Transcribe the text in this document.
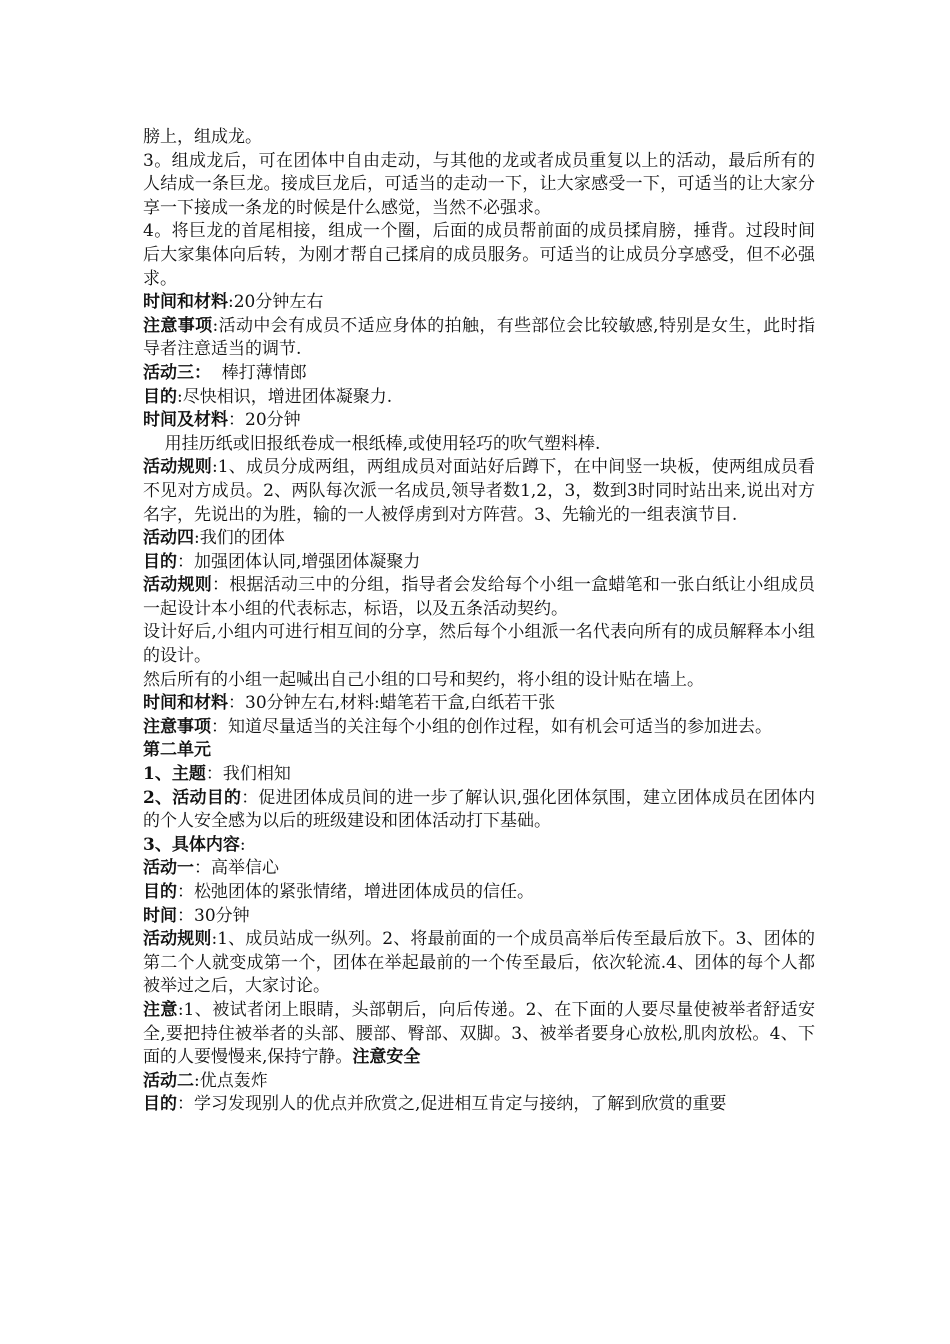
膀上，组成龙。

3。组成龙后，可在团体中自由走动，与其他的龙或者成员重复以上的活动，最后所有的人结成一条巨龙。接成巨龙后，可适当的走动一下，让大家感受一下，可适当的让大家分享一下接成一条龙的时候是什么感觉，当然不必强求。

4。将巨龙的首尾相接，组成一个圈，后面的成员帮前面的成员揉肩膀，捶背。过段时间后大家集体向后转，为刚才帮自己揉肩的成员服务。可适当的让成员分享感受，但不必强求。

时间和材料:20分钟左右

注意事项:活动中会有成员不适应身体的拍触，有些部位会比较敏感,特别是女生，此时指导者注意适当的调节.

活动三：  棒打薄情郎

目的:尽快相识，增进团体凝聚力.

时间及材料：20分钟

用挂历纸或旧报纸卷成一根纸棒,或使用轻巧的吹气塑料棒.

活动规则:1、成员分成两组，两组成员对面站好后蹲下，在中间竖一块板，使两组成员看不见对方成员。2、两队每次派一名成员,领导者数1,2，3，数到3时同时站出来,说出对方名字，先说出的为胜，输的一人被俘虏到对方阵营。3、先输光的一组表演节目.

活动四:我们的团体

目的：加强团体认同,增强团体凝聚力

活动规则：根据活动三中的分组，指导者会发给每个小组一盒蜡笔和一张白纸让小组成员一起设计本小组的代表标志，标语，以及五条活动契约。

设计好后,小组内可进行相互间的分享，然后每个小组派一名代表向所有的成员解释本小组的设计。

然后所有的小组一起喊出自己小组的口号和契约，将小组的设计贴在墙上。

时间和材料：30分钟左右,材料:蜡笔若干盒,白纸若干张

注意事项：知道尽量适当的关注每个小组的创作过程，如有机会可适当的参加进去。

第二单元

1、主题：我们相知

2、活动目的：促进团体成员间的进一步了解认识,强化团体氛围，建立团体成员在团体内的个人安全感为以后的班级建设和团体活动打下基础。

3、具体内容:

活动一：高举信心

目的：松弛团体的紧张情绪，增进团体成员的信任。

时间：30分钟

活动规则:1、成员站成一纵列。2、将最前面的一个成员高举后传至最后放下。3、团体的第二个人就变成第一个，团体在举起最前的一个传至最后，依次轮流.4、团体的每个人都被举过之后，大家讨论。

注意:1、被试者闭上眼睛，头部朝后，向后传递。2、在下面的人要尽量使被举者舒适安全,要把持住被举者的头部、腰部、臀部、双脚。3、被举者要身心放松,肌肉放松。4、下面的人要慢慢来,保持宁静。注意安全

活动二:优点轰炸

目的：学习发现别人的优点并欣赏之,促进相互肯定与接纳，了解到欣赏的重要
